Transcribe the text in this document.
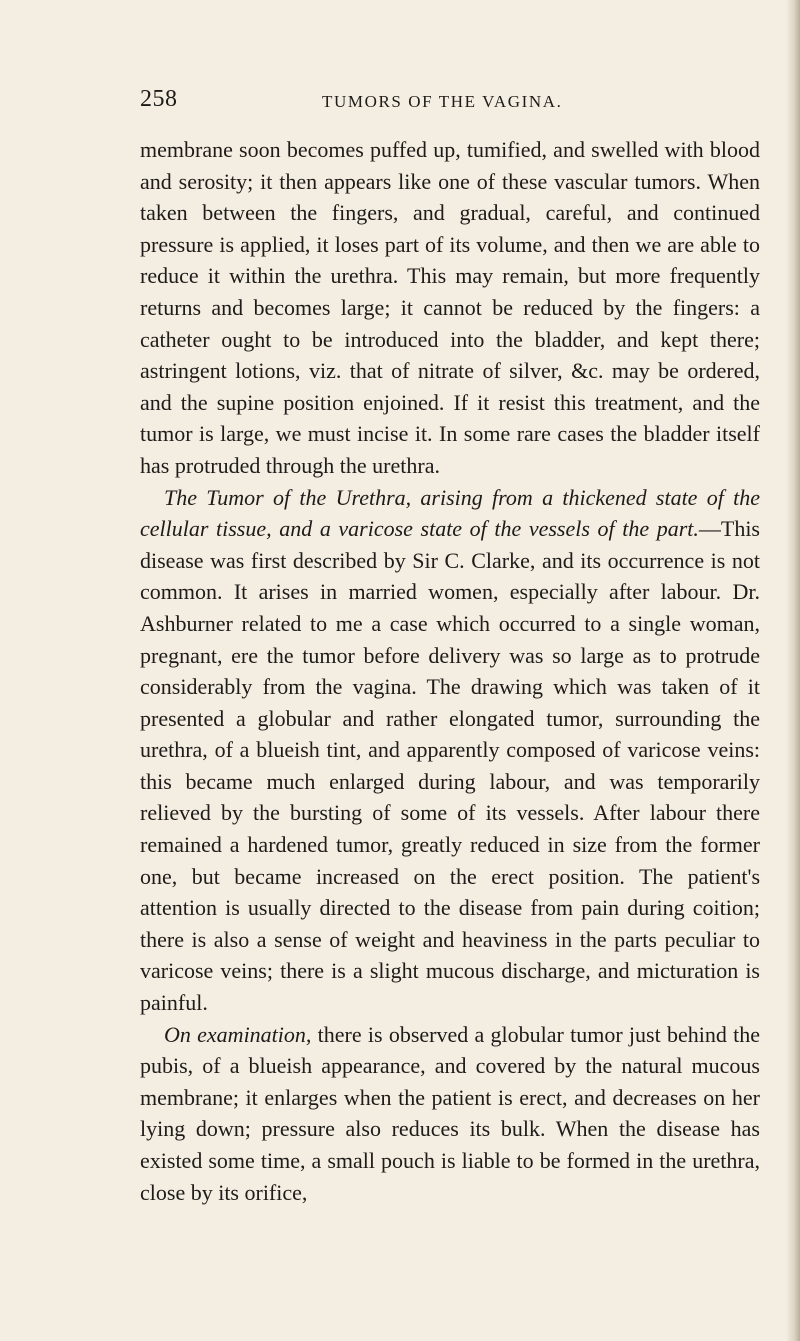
258	TUMORS OF THE VAGINA.

membrane soon becomes puffed up, tumified, and swelled with blood and serosity; it then appears like one of these vascular tumors. When taken between the fingers, and gradual, careful, and continued pressure is applied, it loses part of its volume, and then we are able to reduce it within the urethra. This may remain, but more frequently returns and becomes large; it cannot be reduced by the fingers: a catheter ought to be introduced into the bladder, and kept there; astringent lotions, viz. that of nitrate of silver, &c. may be ordered, and the supine position enjoined. If it resist this treatment, and the tumor is large, we must incise it. In some rare cases the bladder itself has protruded through the urethra.

The Tumor of the Urethra, arising from a thickened state of the cellular tissue, and a varicose state of the vessels of the part.—This disease was first described by Sir C. Clarke, and its occurrence is not common. It arises in married women, especially after labour. Dr. Ashburner related to me a case which occurred to a single woman, pregnant, ere the tumor before delivery was so large as to protrude considerably from the vagina. The drawing which was taken of it presented a globular and rather elongated tumor, surrounding the urethra, of a blueish tint, and apparently composed of varicose veins: this became much enlarged during labour, and was temporarily relieved by the bursting of some of its vessels. After labour there remained a hardened tumor, greatly reduced in size from the former one, but became increased on the erect position. The patient's attention is usually directed to the disease from pain during coition; there is also a sense of weight and heaviness in the parts peculiar to varicose veins; there is a slight mucous discharge, and micturation is painful.

On examination, there is observed a globular tumor just behind the pubis, of a blueish appearance, and covered by the natural mucous membrane; it enlarges when the patient is erect, and decreases on her lying down; pressure also reduces its bulk. When the disease has existed some time, a small pouch is liable to be formed in the urethra, close by its orifice,
